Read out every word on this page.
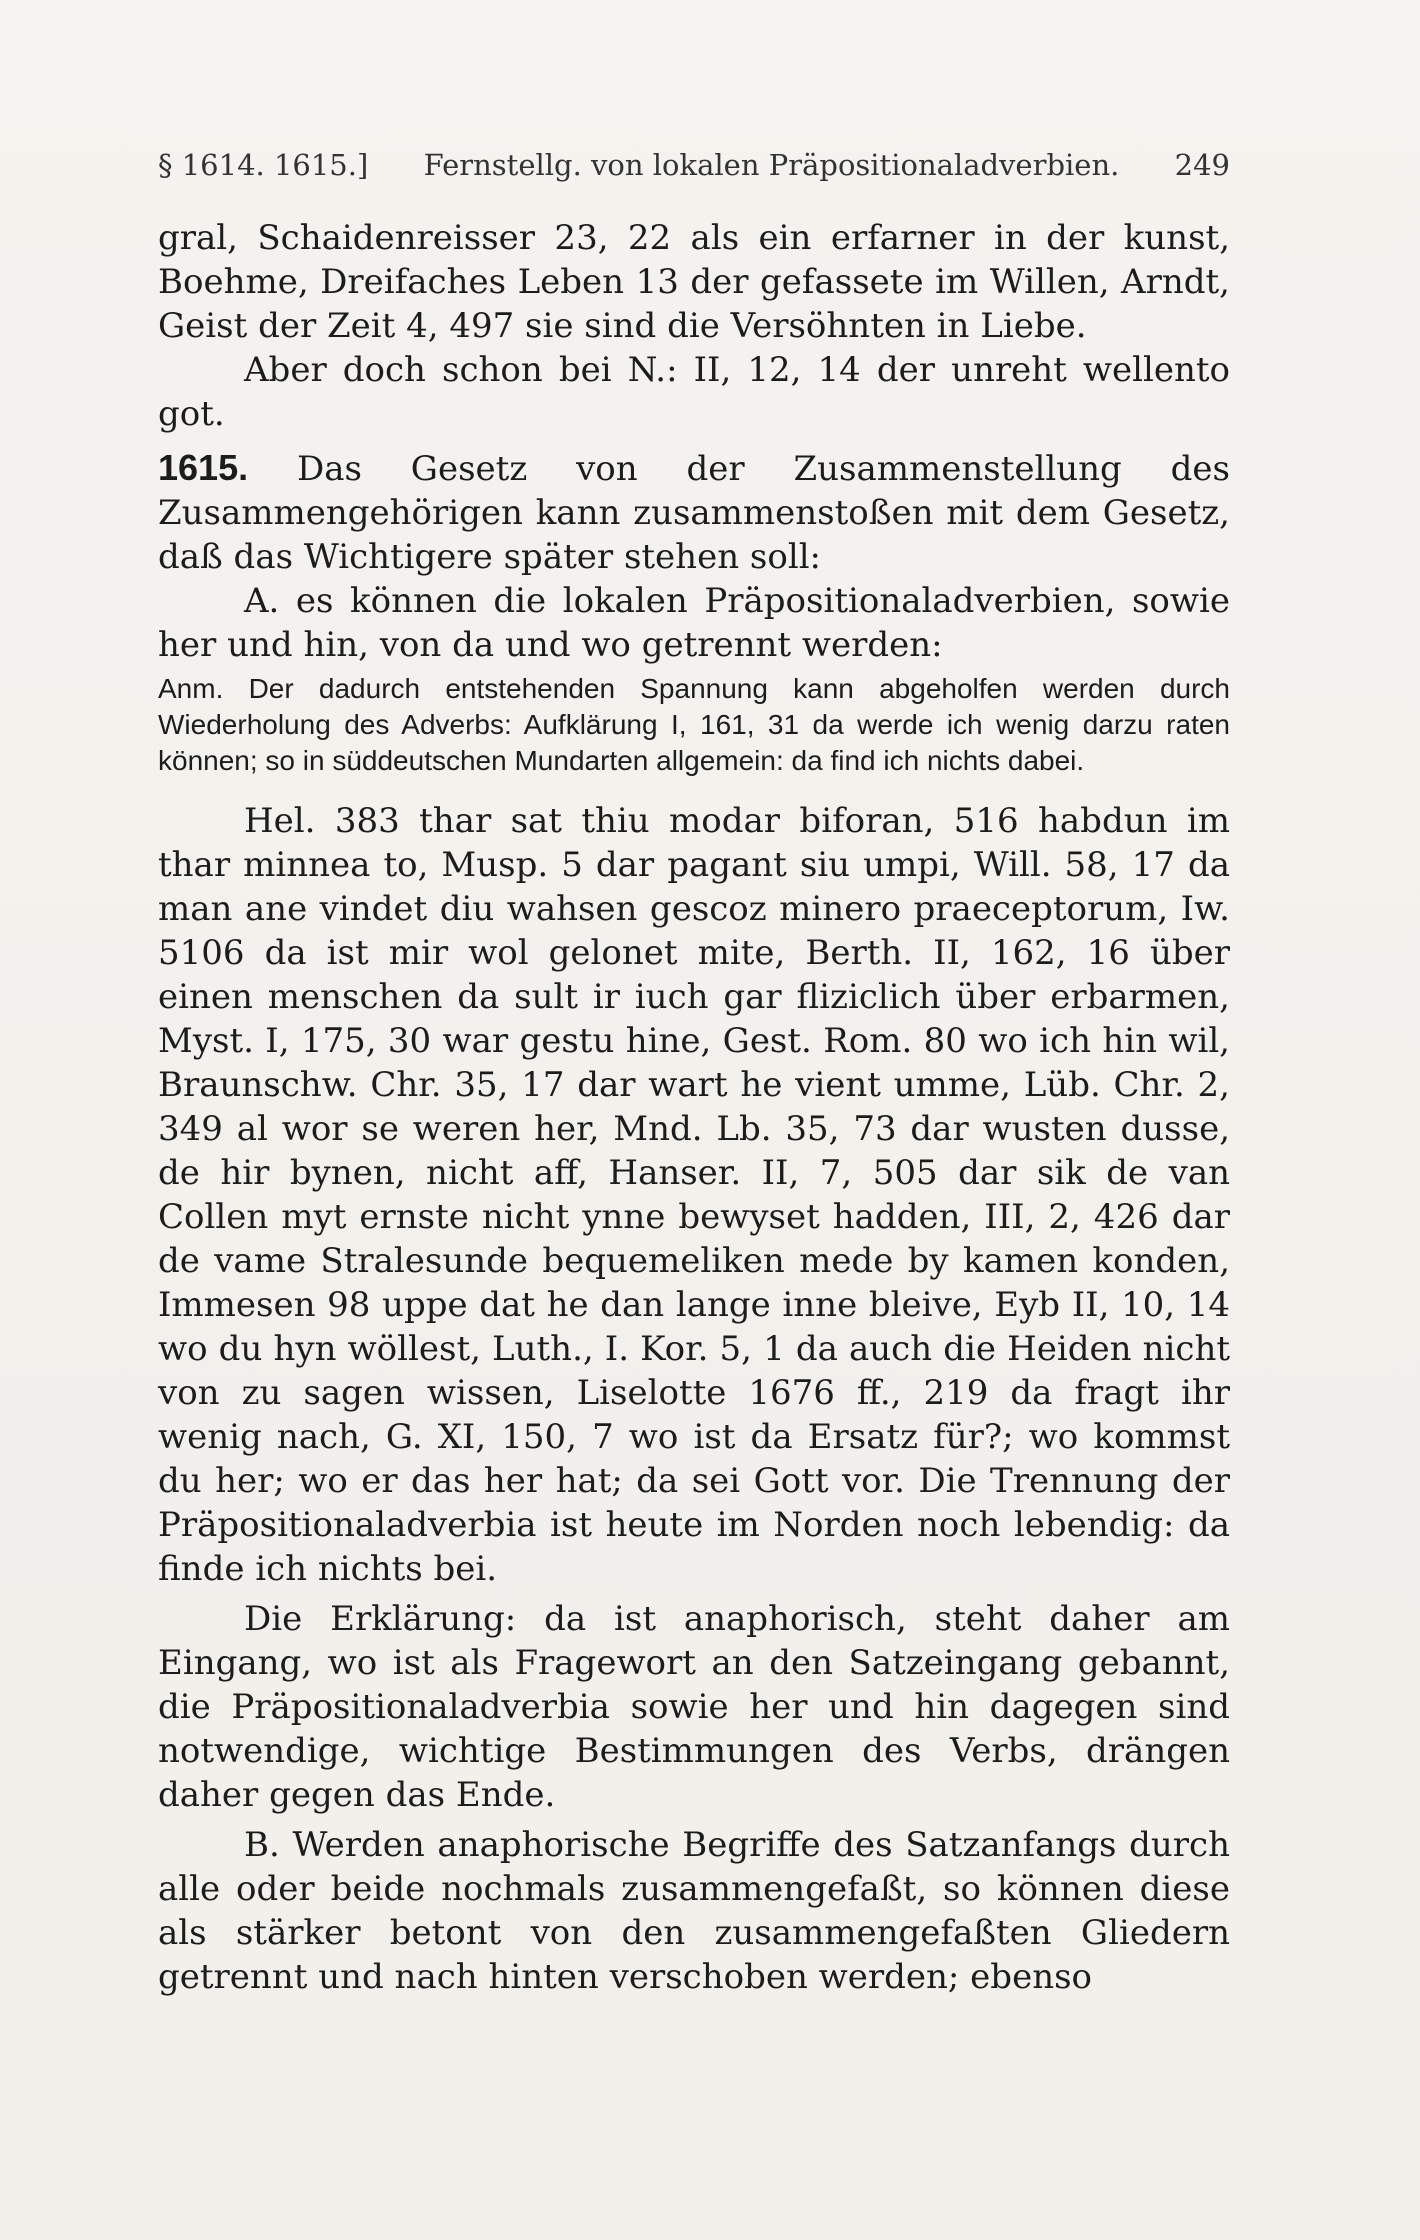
§ 1614. 1615.] Fernstellg. von lokalen Präpositionaladverbien. 249

gral, Schaidenreisser 23, 22 als ein erfarner in der kunst, Boehme, Dreifaches Leben 13 der gefassete im Willen, Arndt, Geist der Zeit 4, 497 sie sind die Versöhnten in Liebe.

Aber doch schon bei N.: II, 12, 14 der unreht wellento got.

1615. Das Gesetz von der Zusammenstellung des Zusammengehörigen kann zusammenstoßen mit dem Gesetz, daß das Wichtigere später stehen soll:

A. es können die lokalen Präpositionaladverbien, sowie her und hin, von da und wo getrennt werden:

Anm. Der dadurch entstehenden Spannung kann abgeholfen werden durch Wiederholung des Adverbs: Aufklärung I, 161, 31 da werde ich wenig darzu raten können; so in süddeutschen Mundarten allgemein: da find ich nichts dabei.

Hel. 383 thar sat thiu modar biforan, 516 habdun im thar minnea to, Musp. 5 dar pagant siu umpi, Will. 58, 17 da man ane vindet diu wahsen gescoz minero praeceptorum, Iw. 5106 da ist mir wol gelonet mite, Berth. II, 162, 16 über einen menschen da sult ir iuch gar fliziclich über erbarmen, Myst. I, 175, 30 war gestu hine, Gest. Rom. 80 wo ich hin wil, Braunschw. Chr. 35, 17 dar wart he vient umme, Lüb. Chr. 2, 349 al wor se weren her, Mnd. Lb. 35, 73 dar wusten dusse, de hir bynen, nicht aff, Hanser. II, 7, 505 dar sik de van Collen myt ernste nicht ynne bewyset hadden, III, 2, 426 dar de vame Stralesunde bequemeliken mede by kamen konden, Immesen 98 uppe dat he dan lange inne bleive, Eyb II, 10, 14 wo du hyn wöllest, Luth., I. Kor. 5, 1 da auch die Heiden nicht von zu sagen wissen, Liselotte 1676 ff., 219 da fragt ihr wenig nach, G. XI, 150, 7 wo ist da Ersatz für?; wo kommst du her; wo er das her hat; da sei Gott vor. Die Trennung der Präpositionaladverbia ist heute im Norden noch lebendig: da finde ich nichts bei.

Die Erklärung: da ist anaphorisch, steht daher am Eingang, wo ist als Fragewort an den Satzeingang gebannt, die Präpositionaladverbia sowie her und hin dagegen sind notwendige, wichtige Bestimmungen des Verbs, drängen daher gegen das Ende.

B. Werden anaphorische Begriffe des Satzanfangs durch alle oder beide nochmals zusammengefaßt, so können diese als stärker betont von den zusammengefaßten Gliedern getrennt und nach hinten verschoben werden; ebenso
